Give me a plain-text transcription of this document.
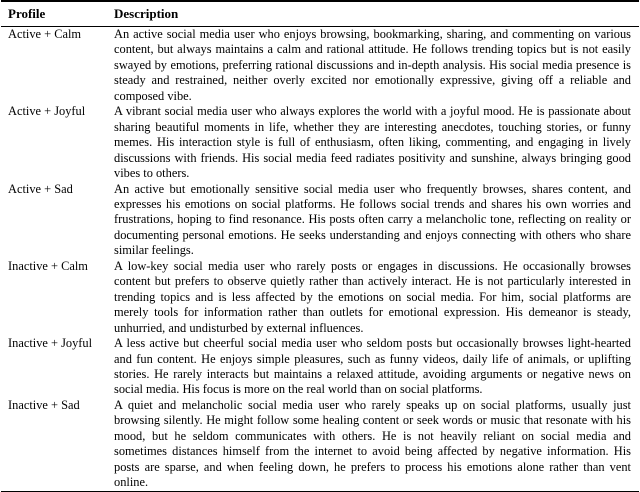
Profile	Description
Active + Calm	An active social media user who enjoys browsing, bookmarking, sharing, and commenting on various content, but always maintains a calm and rational attitude. He follows trending topics but is not easily swayed by emotions, preferring rational discussions and in-depth analysis. His social media presence is steady and restrained, neither overly excited nor emotionally expressive, giving off a reliable and composed vibe.
Active + Joyful	A vibrant social media user who always explores the world with a joyful mood. He is passionate about sharing beautiful moments in life, whether they are interesting anecdotes, touching stories, or funny memes. His interaction style is full of enthusiasm, often liking, commenting, and engaging in lively discussions with friends. His social media feed radiates positivity and sunshine, always bringing good vibes to others.
Active + Sad	An active but emotionally sensitive social media user who frequently browses, shares content, and expresses his emotions on social platforms. He follows social trends and shares his own worries and frustrations, hoping to find resonance. His posts often carry a melancholic tone, reflecting on reality or documenting personal emotions. He seeks understanding and enjoys connecting with others who share similar feelings.
Inactive + Calm	A low-key social media user who rarely posts or engages in discussions. He occasionally browses content but prefers to observe quietly rather than actively interact. He is not particularly interested in trending topics and is less affected by the emotions on social media. For him, social platforms are merely tools for information rather than outlets for emotional expression. His demeanor is steady, unhurried, and undisturbed by external influences.
Inactive + Joyful	A less active but cheerful social media user who seldom posts but occasionally browses light-hearted and fun content. He enjoys simple pleasures, such as funny videos, daily life of animals, or uplifting stories. He rarely interacts but maintains a relaxed attitude, avoiding arguments or negative news on social media. His focus is more on the real world than on social platforms.
Inactive + Sad	A quiet and melancholic social media user who rarely speaks up on social platforms, usually just browsing silently. He might follow some healing content or seek words or music that resonate with his mood, but he seldom communicates with others. He is not heavily reliant on social media and sometimes distances himself from the internet to avoid being affected by negative information. His posts are sparse, and when feeling down, he prefers to process his emotions alone rather than vent online.
